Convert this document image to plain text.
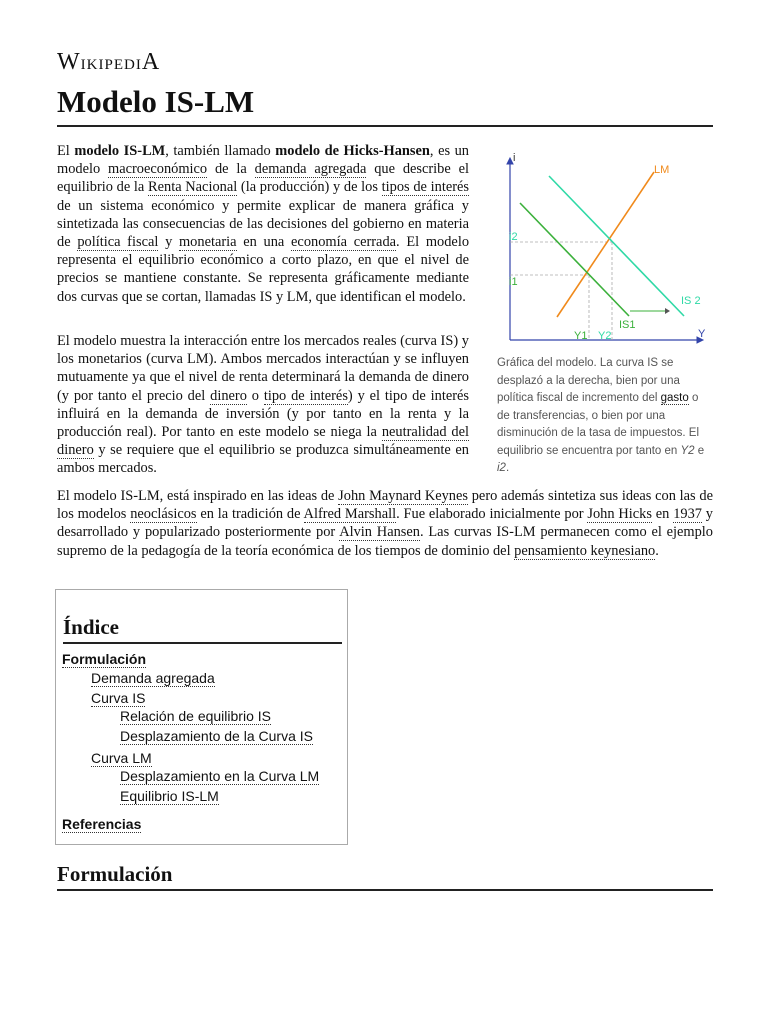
WikipediA
Modelo IS-LM

El modelo IS-LM, también llamado modelo de Hicks-Hansen, es un modelo macroeconómico de la demanda agregada que describe el equilibrio de la Renta Nacional (la producción) y de los tipos de interés de un sistema económico y permite explicar de manera gráfica y sintetizada las consecuencias de las decisiones del gobierno en materia de política fiscal y monetaria en una economía cerrada. El modelo representa el equilibrio económico a corto plazo, en que el nivel de precios se mantiene constante. Se representa gráficamente mediante dos curvas que se cortan, llamadas IS y LM, que identifican el modelo.

El modelo muestra la interacción entre los mercados reales (curva IS) y los monetarios (curva LM). Ambos mercados interactúan y se influyen mutuamente ya que el nivel de renta determinará la demanda de dinero (y por tanto el precio del dinero o tipo de interés) y el tipo de interés influirá en la demanda de inversión (y por tanto en la renta y la producción real). Por tanto en este modelo se niega la neutralidad del dinero y se requiere que el equilibrio se produzca simultáneamente en ambos mercados.

El modelo IS-LM, está inspirado en las ideas de John Maynard Keynes pero además sintetiza sus ideas con las de los modelos neoclásicos en la tradición de Alfred Marshall. Fue elaborado inicialmente por John Hicks en 1937 y desarrollado y popularizado posteriormente por Alvin Hansen. Las curvas IS-LM permanecen como el ejemplo supremo de la pedagogía de la teoría económica de los tiempos de dominio del pensamiento keynesiano.

i
Y
LM
IS 2
IS1
i2
i1
Y1 Y2

Gráfica del modelo. La curva IS se desplazó a la derecha, bien por una política fiscal de incremento del gasto o de transferencias, o bien por una disminución de la tasa de impuestos. El equilibrio se encuentra por tanto en Y2 e i2.

Índice
Formulación
Demanda agregada
Curva IS
Relación de equilibrio IS
Desplazamiento de la Curva IS
Curva LM
Desplazamiento en la Curva LM
Equilibrio IS-LM
Referencias
Formulación
